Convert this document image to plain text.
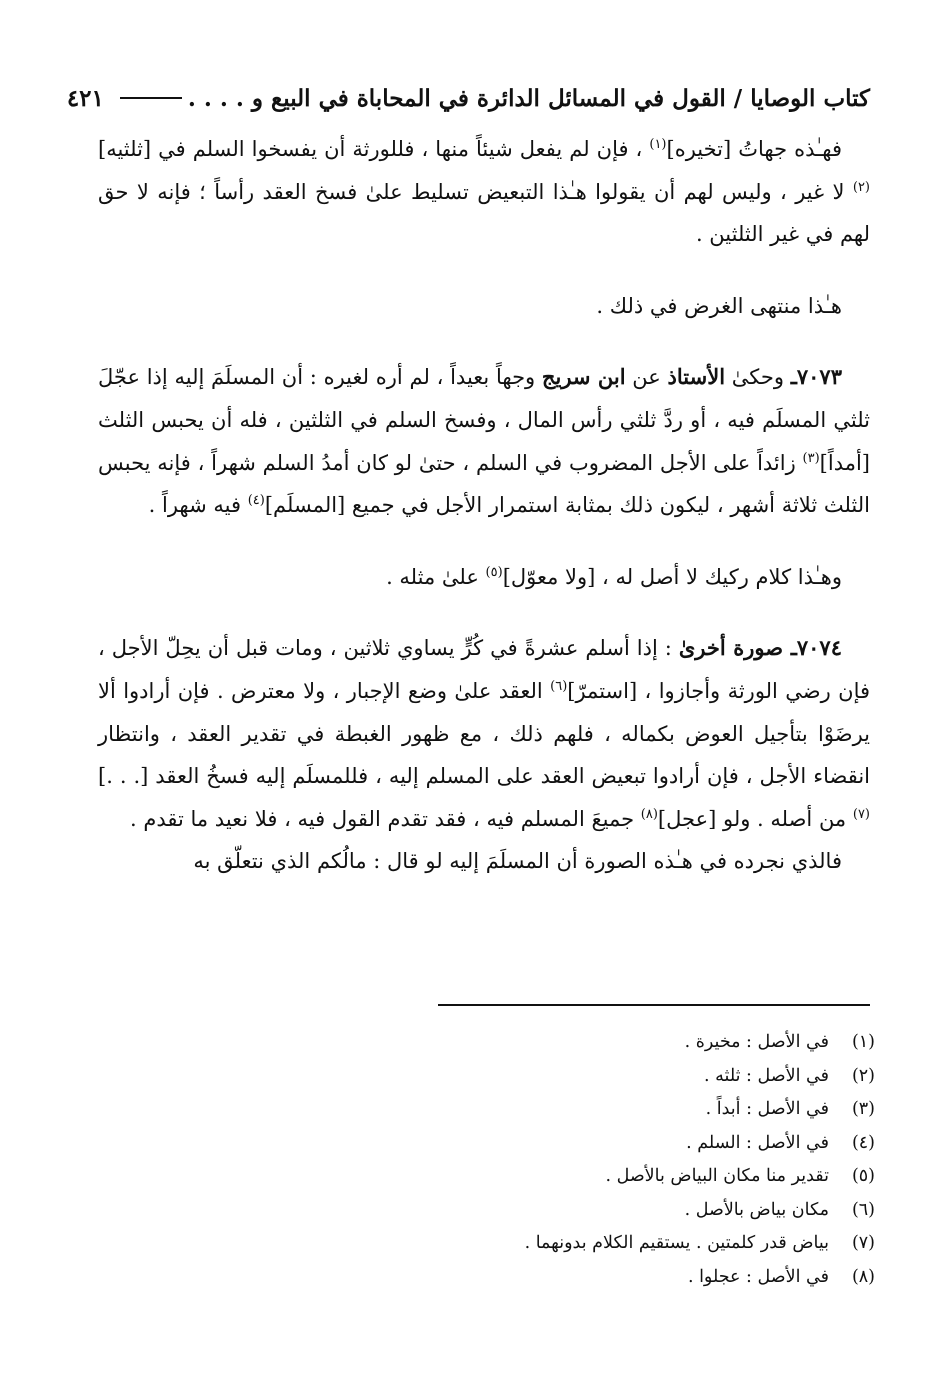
كتاب الوصايا / القول في المسائل الدائرة في المحاباة في البيع و . . . .
٤٢١

فهـٰذه جهاتُ [تخيره]$^{(١)}$ ، فإن لم يفعل شيئاً منها ، فللورثة أن يفسخوا السلم في [ثلثيه]$^{(٢)}$ لا غير ، وليس لهم أن يقولوا هـٰذا التبعيض تسليط علىٰ فسخ العقد رأساً ؛ فإنه لا حق لهم في غير الثلثين .

هـٰذا منتهى الغرض في ذلك .

٧٠٧٣ـ وحكىٰ الأستاذ عن ابن سريج وجهاً بعيداً ، لم أره لغيره : أن المسلَمَ إليه إذا عجّلَ ثلثي المسلَم فيه ، أو ردَّ ثلثي رأس المال ، وفسخ السلم في الثلثين ، فله أن يحبس الثلث [أمداً]$^{(٣)}$ زائداً على الأجل المضروب في السلم ، حتىٰ لو كان أمدُ السلم شهراً ، فإنه يحبس الثلث ثلاثة أشهر ، ليكون ذلك بمثابة استمرار الأجل في جميع [المسلَم]$^{(٤)}$ فيه شهراً .

وهـٰذا كلام ركيك لا أصل له ، [ولا معوّل]$^{(٥)}$ علىٰ مثله .

٧٠٧٤ـ صورة أخرىٰ : إذا أسلم عشرةً في كُرٍّ يساوي ثلاثين ، ومات قبل أن يحِلّ الأجل ، فإن رضي الورثة وأجازوا ، [استمرّ]$^{(٦)}$ العقد علىٰ وضع الإجبار ، ولا معترض . فإن أرادوا ألا يرضَوْا بتأجيل العوض بكماله ، فلهم ذلك ، مع ظهور الغبطة في تقدير العقد ، وانتظار انقضاء الأجل ، فإن أرادوا تبعيض العقد على المسلم إليه ، فللمسلَم إليه فسخُ العقد [. . .]$^{(٧)}$ من أصله . ولو [عجل]$^{(٨)}$ جميعَ المسلم فيه ، فقد تقدم القول فيه ، فلا نعيد ما تقدم .

فالذي نجرده في هـٰذه الصورة أن المسلَمَ إليه لو قال : مالُكم الذي نتعلّق به

(١)
في الأصل : مخيرة .
(٢)
في الأصل : ثلثه .
(٣)
في الأصل : أبداً .
(٤)
في الأصل : السلم .
(٥)
تقدير منا مكان البياض بالأصل .
(٦)
مكان بياض بالأصل .
(٧)
بياض قدر كلمتين . يستقيم الكلام بدونهما .
(٨)
في الأصل : عجلوا .
